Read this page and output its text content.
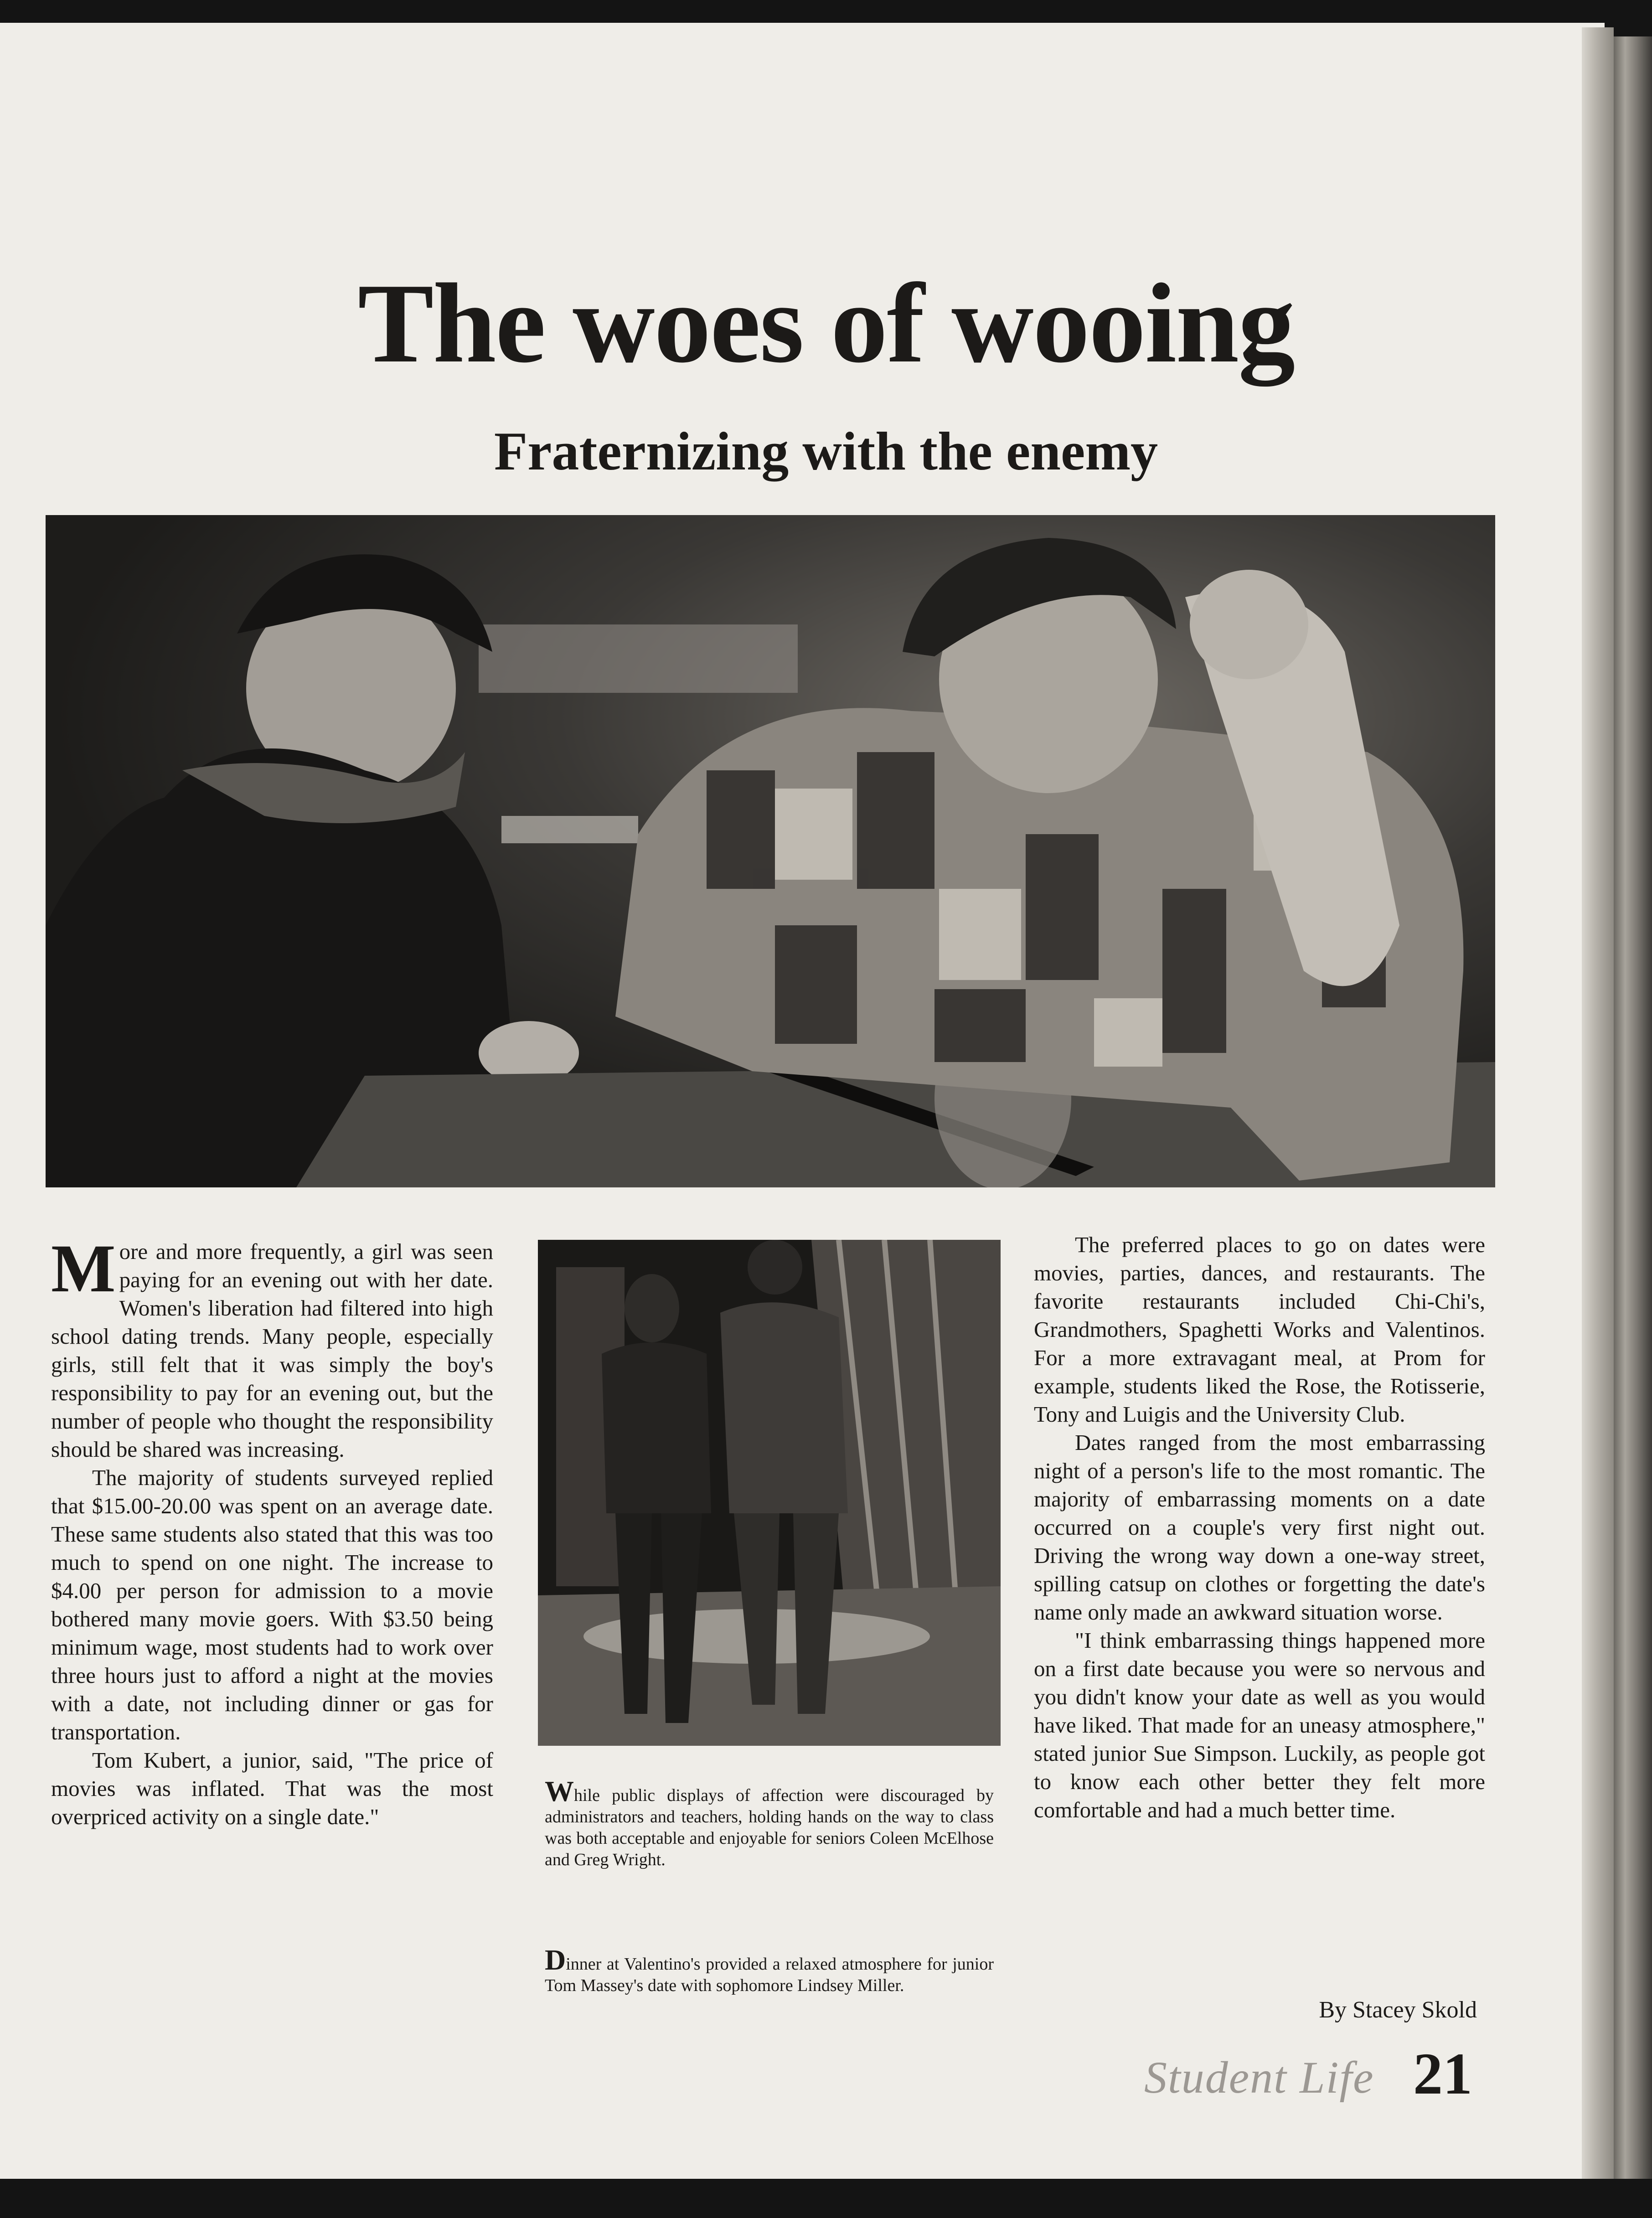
The woes of wooing
Fraternizing with the enemy

More and more frequently, a girl was seen paying for an evening out with her date. Women's liberation had filtered into high school dating trends. Many people, especially girls, still felt that it was simply the boy's responsibility to pay for an evening out, but the number of people who thought the responsibility should be shared was increasing.

The majority of students surveyed replied that $15.00-20.00 was spent on an average date. These same students also stated that this was too much to spend on one night. The increase to $4.00 per person for admission to a movie bothered many movie goers. With $3.50 being minimum wage, most students had to work over three hours just to afford a night at the movies with a date, not including dinner or gas for transportation.

Tom Kubert, a junior, said, "The price of movies was inflated. That was the most overpriced activity on a single date."

While public displays of affection were discouraged by administrators and teachers, holding hands on the way to class was both acceptable and enjoyable for seniors Coleen McElhose and Greg Wright.

Dinner at Valentino's provided a relaxed atmosphere for junior Tom Massey's date with sophomore Lindsey Miller.

The preferred places to go on dates were movies, parties, dances, and restaurants. The favorite restaurants included Chi-Chi's, Grandmothers, Spaghetti Works and Valentinos. For a more extravagant meal, at Prom for example, students liked the Rose, the Rotisserie, Tony and Luigis and the University Club.

Dates ranged from the most embarrassing night of a person's life to the most romantic. The majority of embarrassing moments on a date occurred on a couple's very first night out. Driving the wrong way down a one-way street, spilling catsup on clothes or forgetting the date's name only made an awkward situation worse.

"I think embarrassing things happened more on a first date because you were so nervous and you didn't know your date as well as you would have liked. That made for an uneasy atmosphere," stated junior Sue Simpson. Luckily, as people got to know each other better they felt more comfortable and had a much better time.

By Stacey Skold

Student Life 21
